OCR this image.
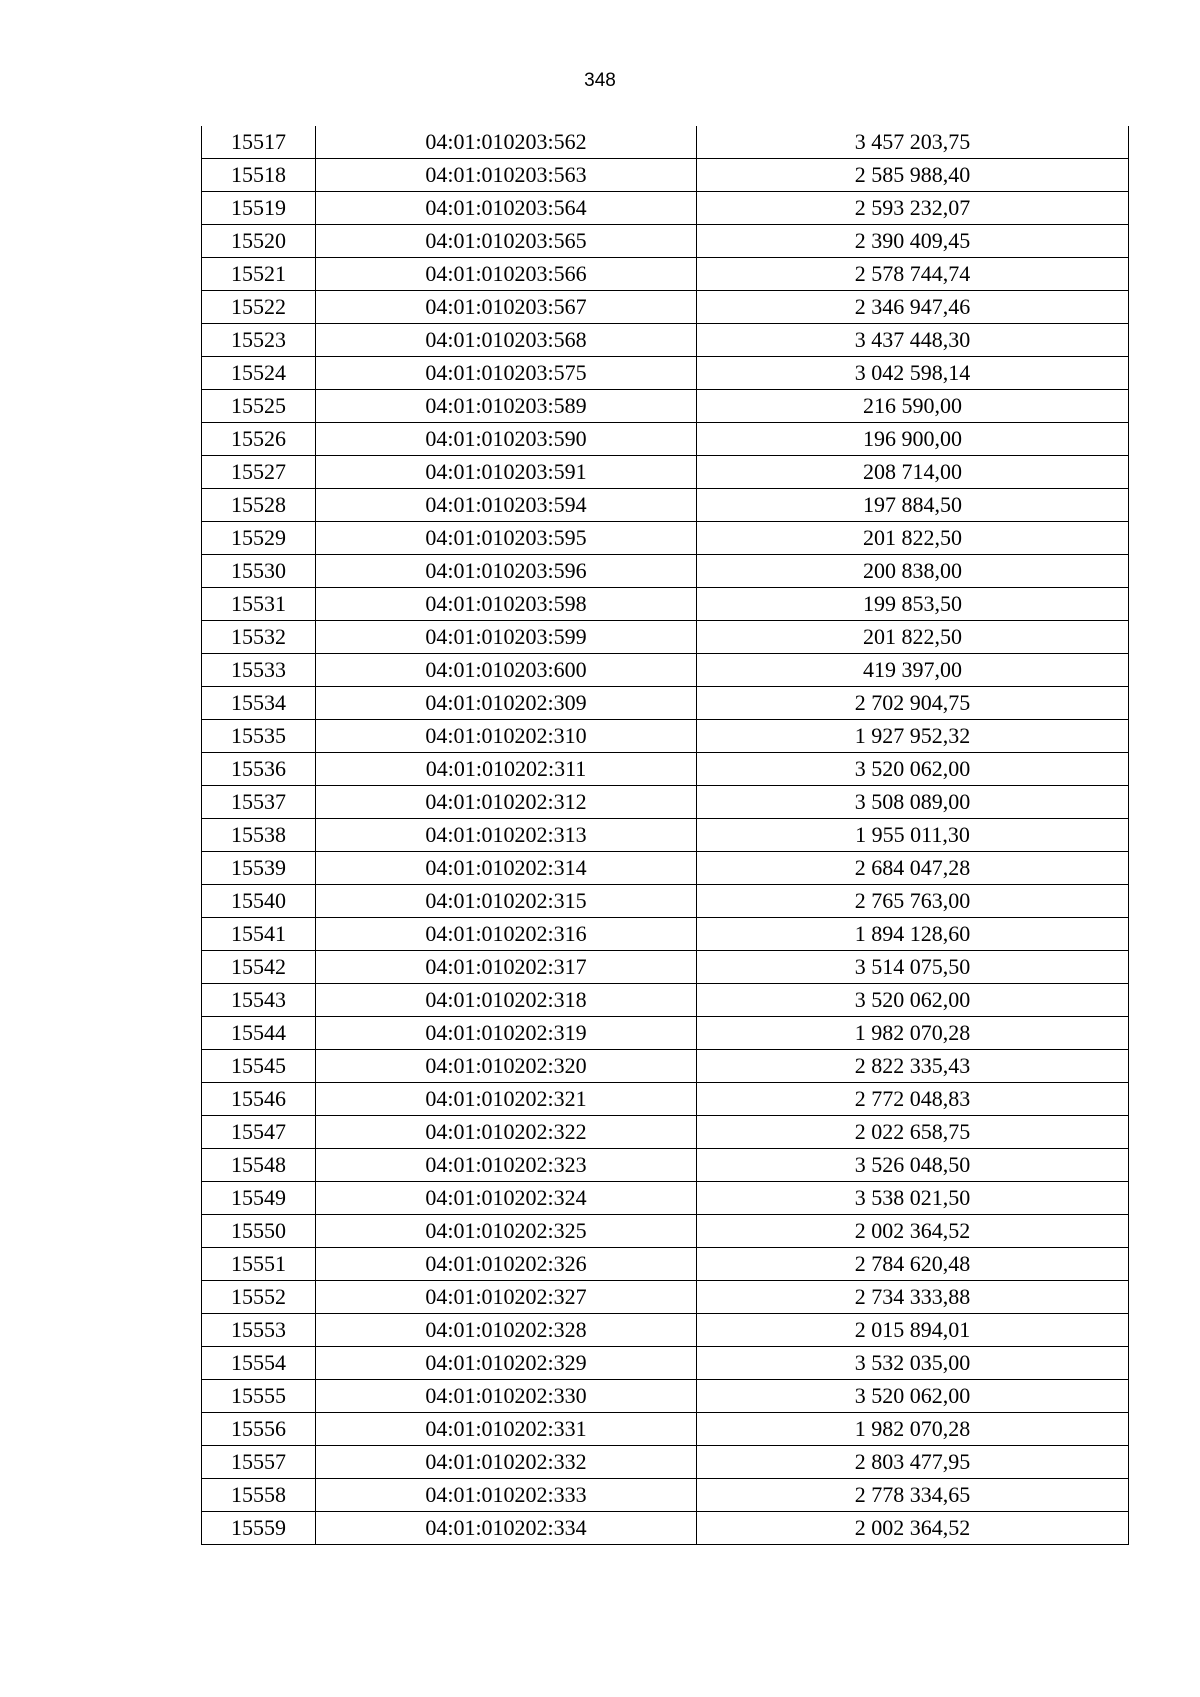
348
15517	04:01:010203:562	3 457 203,75
15518	04:01:010203:563	2 585 988,40
15519	04:01:010203:564	2 593 232,07
15520	04:01:010203:565	2 390 409,45
15521	04:01:010203:566	2 578 744,74
15522	04:01:010203:567	2 346 947,46
15523	04:01:010203:568	3 437 448,30
15524	04:01:010203:575	3 042 598,14
15525	04:01:010203:589	216 590,00
15526	04:01:010203:590	196 900,00
15527	04:01:010203:591	208 714,00
15528	04:01:010203:594	197 884,50
15529	04:01:010203:595	201 822,50
15530	04:01:010203:596	200 838,00
15531	04:01:010203:598	199 853,50
15532	04:01:010203:599	201 822,50
15533	04:01:010203:600	419 397,00
15534	04:01:010202:309	2 702 904,75
15535	04:01:010202:310	1 927 952,32
15536	04:01:010202:311	3 520 062,00
15537	04:01:010202:312	3 508 089,00
15538	04:01:010202:313	1 955 011,30
15539	04:01:010202:314	2 684 047,28
15540	04:01:010202:315	2 765 763,00
15541	04:01:010202:316	1 894 128,60
15542	04:01:010202:317	3 514 075,50
15543	04:01:010202:318	3 520 062,00
15544	04:01:010202:319	1 982 070,28
15545	04:01:010202:320	2 822 335,43
15546	04:01:010202:321	2 772 048,83
15547	04:01:010202:322	2 022 658,75
15548	04:01:010202:323	3 526 048,50
15549	04:01:010202:324	3 538 021,50
15550	04:01:010202:325	2 002 364,52
15551	04:01:010202:326	2 784 620,48
15552	04:01:010202:327	2 734 333,88
15553	04:01:010202:328	2 015 894,01
15554	04:01:010202:329	3 532 035,00
15555	04:01:010202:330	3 520 062,00
15556	04:01:010202:331	1 982 070,28
15557	04:01:010202:332	2 803 477,95
15558	04:01:010202:333	2 778 334,65
15559	04:01:010202:334	2 002 364,52
